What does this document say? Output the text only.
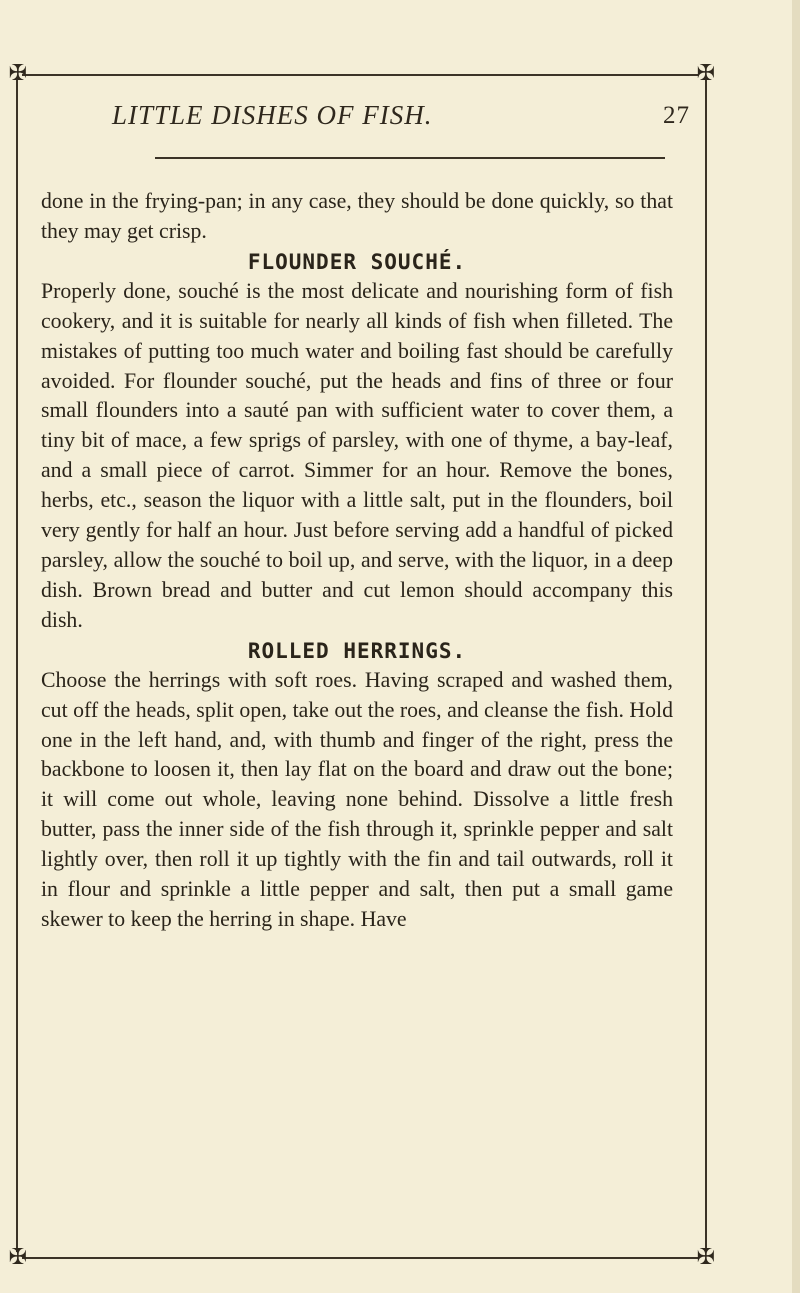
✠	✠
✠	✠
LITTLE DISHES OF FISH.	27

done in the frying-pan; in any case, they should be done quickly, so that they may get crisp.

FLOUNDER SOUCHÉ.

Properly done, souché is the most delicate and nourishing form of fish cookery, and it is suitable for nearly all kinds of fish when filleted. The mistakes of putting too much water and boiling fast should be carefully avoided. For flounder souché, put the heads and fins of three or four small flounders into a sauté pan with sufficient water to cover them, a tiny bit of mace, a few sprigs of parsley, with one of thyme, a bay-leaf, and a small piece of carrot. Simmer for an hour. Remove the bones, herbs, etc., season the liquor with a little salt, put in the flounders, boil very gently for half an hour. Just before serving add a handful of picked parsley, allow the souché to boil up, and serve, with the liquor, in a deep dish. Brown bread and butter and cut lemon should accompany this dish.

ROLLED HERRINGS.

Choose the herrings with soft roes. Having scraped and washed them, cut off the heads, split open, take out the roes, and cleanse the fish. Hold one in the left hand, and, with thumb and finger of the right, press the backbone to loosen it, then lay flat on the board and draw out the bone; it will come out whole, leaving none behind. Dissolve a little fresh butter, pass the inner side of the fish through it, sprinkle pepper and salt lightly over, then roll it up tightly with the fin and tail outwards, roll it in flour and sprinkle a little pepper and salt, then put a small game skewer to keep the herring in shape. Have
